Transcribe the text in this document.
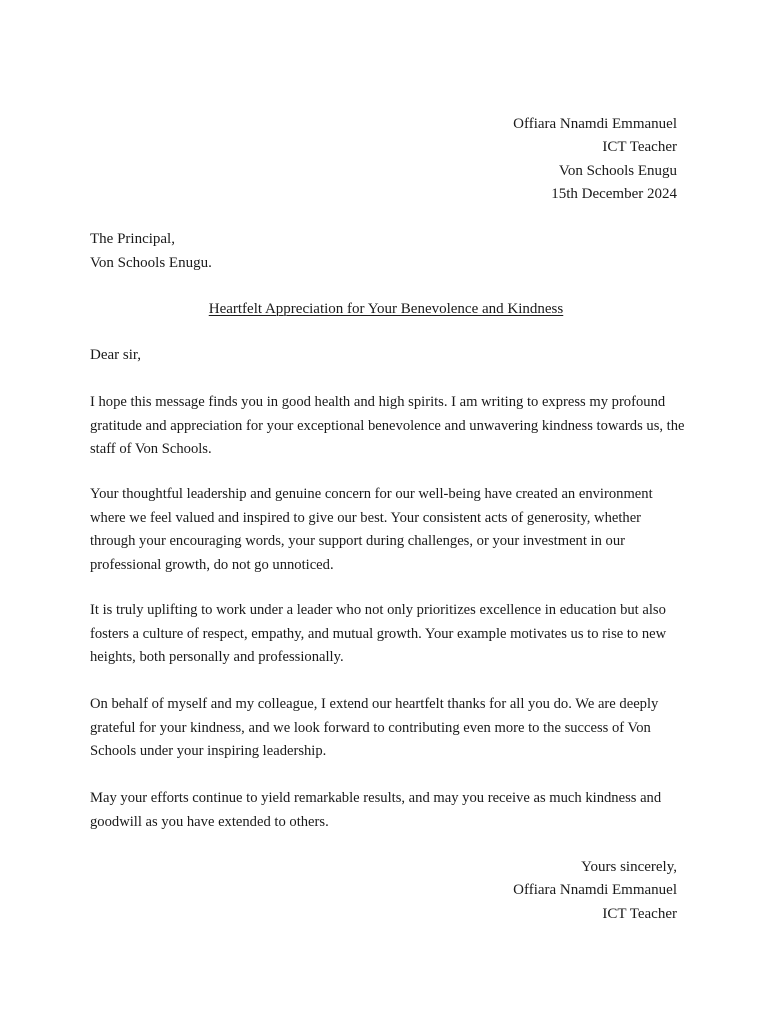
Offiara Nnamdi Emmanuel
ICT Teacher
Von Schools Enugu
15th December 2024
The Principal,
Von Schools Enugu.
Heartfelt Appreciation for Your Benevolence and Kindness
Dear sir,

I hope this message finds you in good health and high spirits. I am writing to express my profound gratitude and appreciation for your exceptional benevolence and unwavering kindness towards us, the staff of Von Schools.

Your thoughtful leadership and genuine concern for our well-being have created an environment where we feel valued and inspired to give our best. Your consistent acts of generosity, whether through your encouraging words, your support during challenges, or your investment in our professional growth, do not go unnoticed.

It is truly uplifting to work under a leader who not only prioritizes excellence in education but also fosters a culture of respect, empathy, and mutual growth. Your example motivates us to rise to new heights, both personally and professionally.

On behalf of myself and my colleague, I extend our heartfelt thanks for all you do. We are deeply grateful for your kindness, and we look forward to contributing even more to the success of Von Schools under your inspiring leadership.

May your efforts continue to yield remarkable results, and may you receive as much kindness and goodwill as you have extended to others.

Yours sincerely,
Offiara Nnamdi Emmanuel
ICT Teacher
